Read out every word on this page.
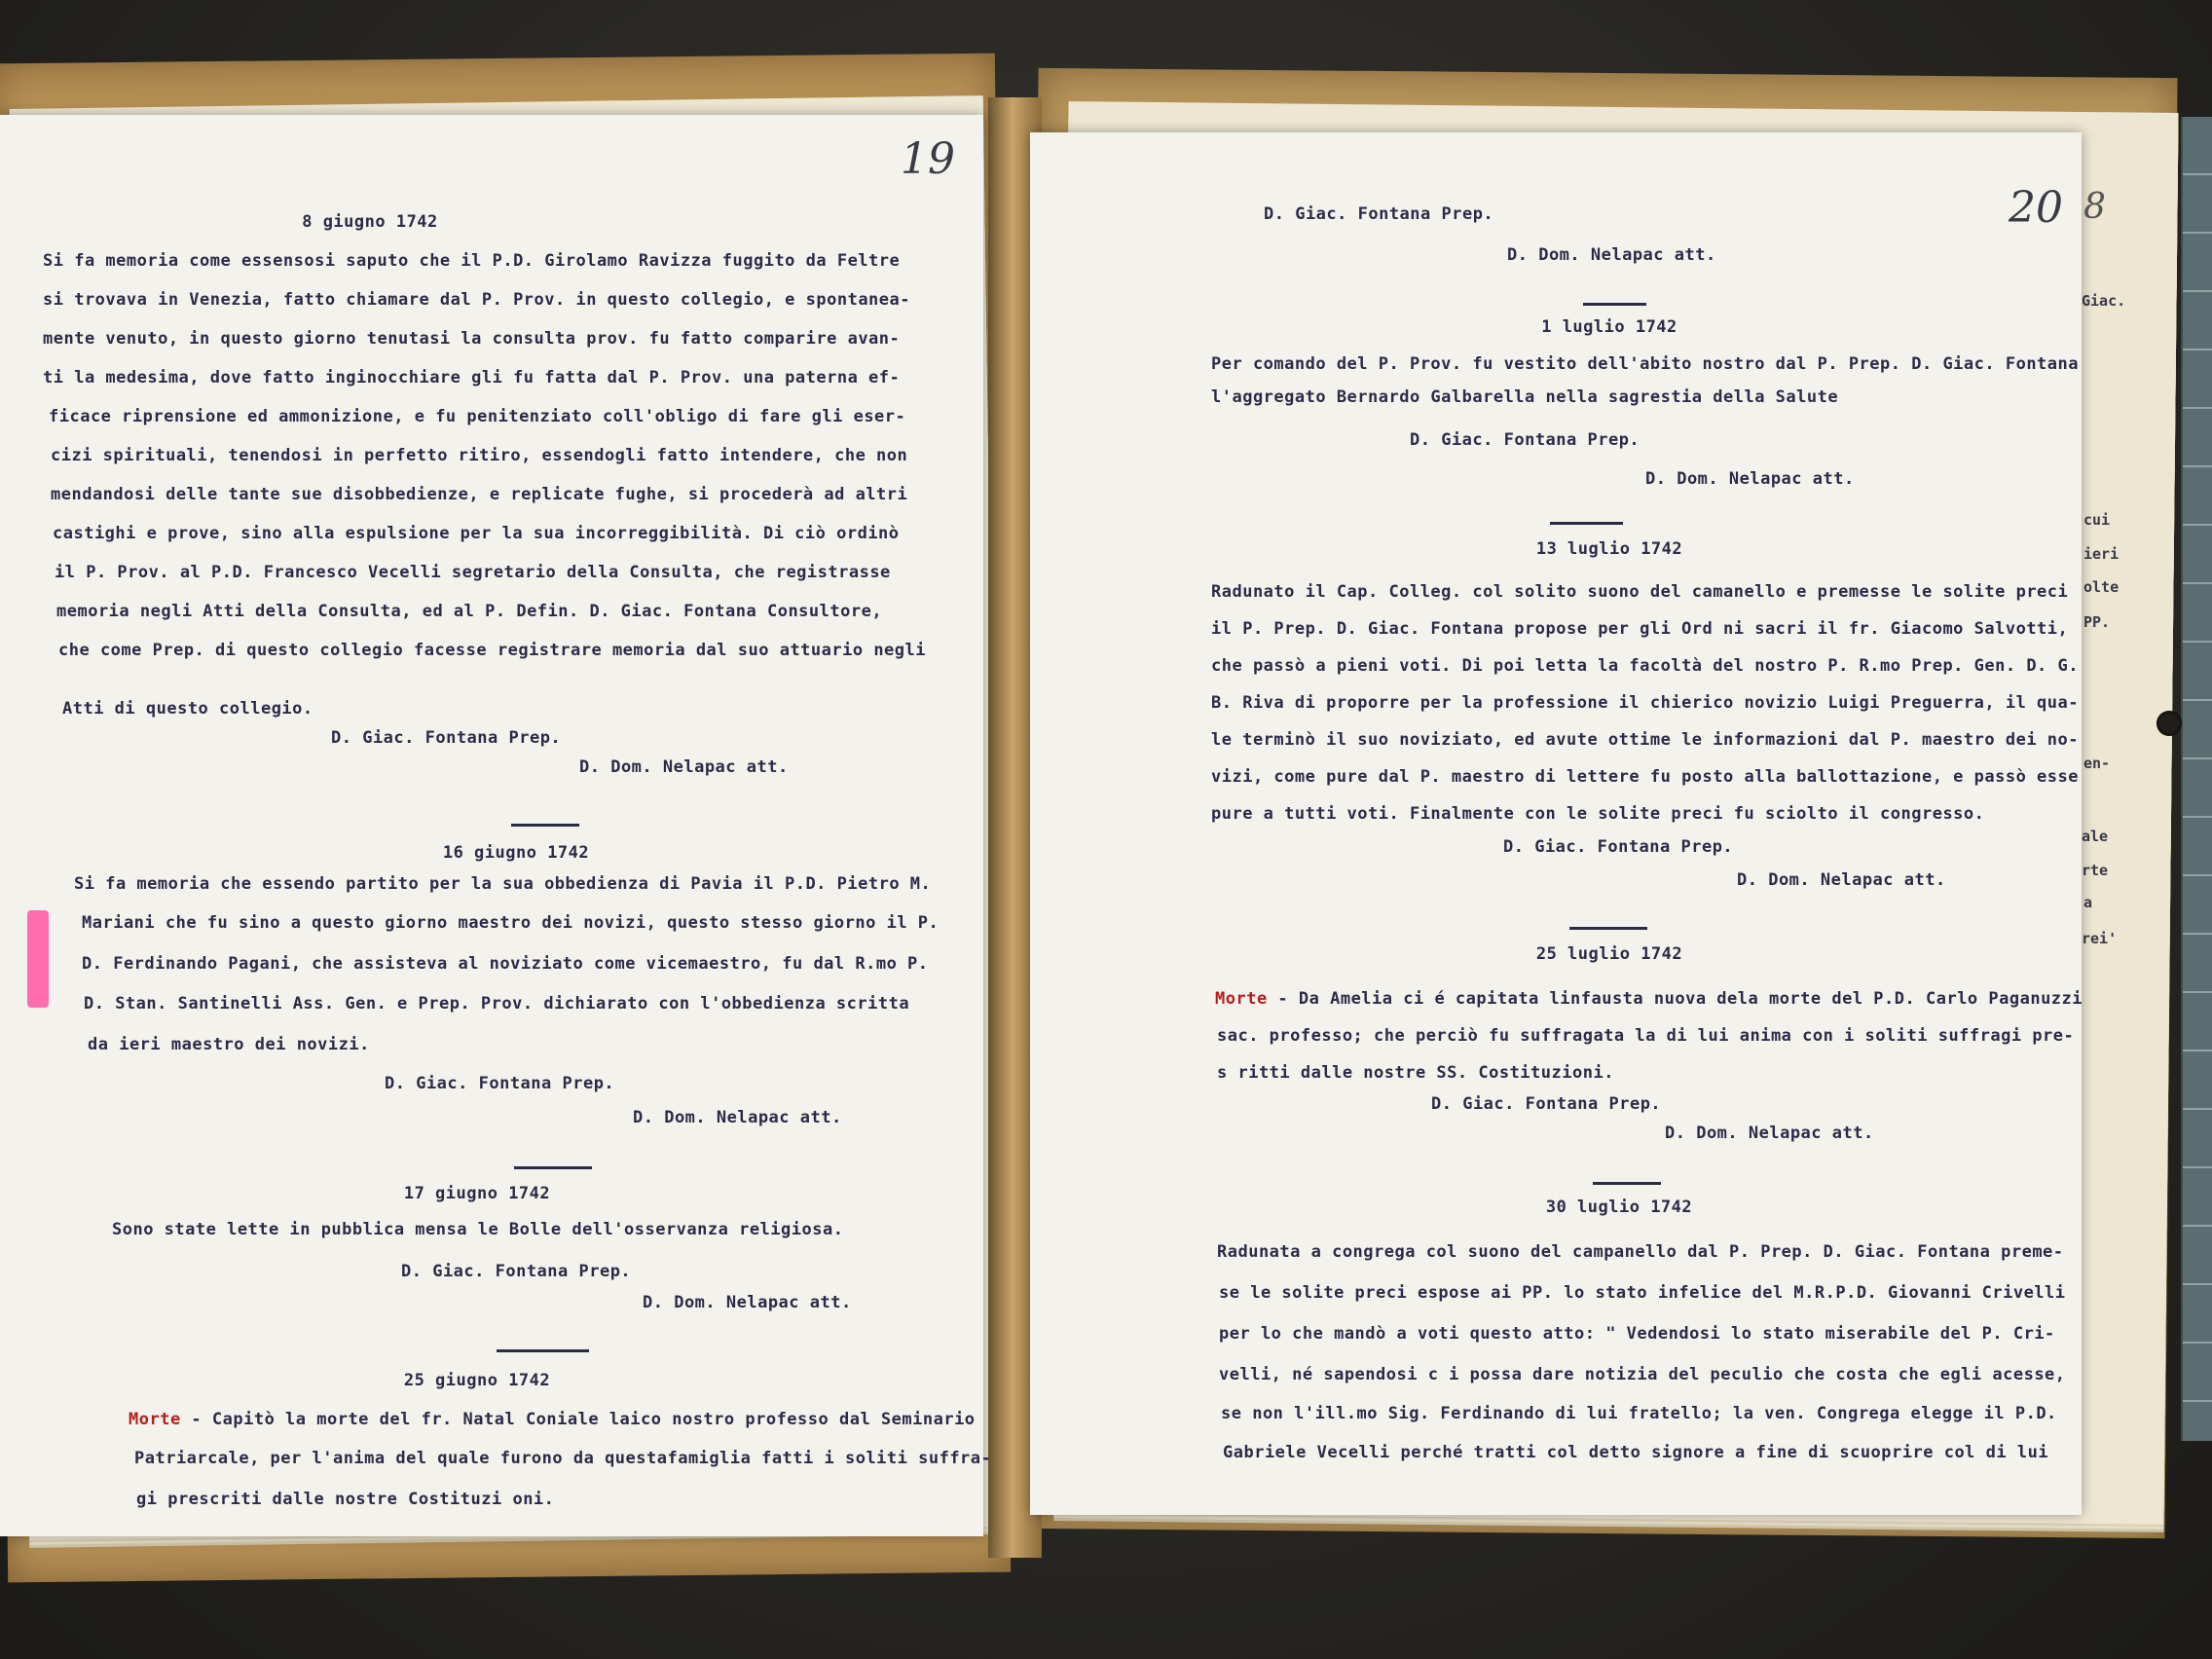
Giac.
cui
ieri
olte
PP.
en-
ale
rte
a
rei'
19
8 giugno 1742
Si fa memoria come essensosi saputo che il P.D. Girolamo Ravizza fuggito da Feltre
si trovava in Venezia, fatto chiamare dal P. Prov. in questo collegio, e spontanea-
mente venuto, in questo giorno tenutasi la consulta prov. fu fatto comparire avan-
ti la medesima, dove fatto inginocchiare gli fu fatta dal P. Prov. una paterna ef-
ficace riprensione ed ammonizione, e fu penitenziato coll'obligo di fare gli eser-
cizi spirituali, tenendosi in perfetto ritiro, essendogli fatto intendere, che non
mendandosi delle tante sue disobbedienze, e replicate fughe, si procederà ad altri
castighi e prove, sino alla espulsione per la sua incorreggibilità. Di ciò ordinò
il P. Prov. al P.D. Francesco Vecelli segretario della Consulta, che registrasse
memoria negli Atti della Consulta, ed al P. Defin. D. Giac. Fontana Consultore,
che come Prep. di questo collegio facesse registrare memoria dal suo attuario negli
Atti di questo collegio.
D. Giac. Fontana Prep.
D. Dom. Nelapac att.
16 giugno 1742
Si fa memoria che essendo partito per la sua obbedienza di Pavia il P.D. Pietro M.
Mariani che fu sino a questo giorno maestro dei novizi, questo stesso giorno il P.
D. Ferdinando Pagani, che assisteva al noviziato come vicemaestro, fu dal R.mo P.
D. Stan. Santinelli Ass. Gen. e Prep. Prov. dichiarato con l'obbedienza scritta
da ieri maestro dei novizi.
D. Giac. Fontana Prep.
D. Dom. Nelapac att.
17 giugno 1742
Sono state lette in pubblica mensa le Bolle dell'osservanza religiosa.
D. Giac. Fontana Prep.
D. Dom. Nelapac att.
25 giugno 1742
Morte - Capitò la morte del fr. Natal Coniale laico nostro professo dal Seminario
Patriarcale, per l'anima del quale furono da questafamiglia fatti i soliti suffra-
gi prescriti dalle nostre Costituzi oni.
20 8
D. Giac. Fontana Prep.
D. Dom. Nelapac att.
1 luglio 1742
Per comando del P. Prov. fu vestito dell'abito nostro dal P. Prep. D. Giac. Fontana
l'aggregato Bernardo Galbarella nella sagrestia della Salute
D. Giac. Fontana Prep.
D. Dom. Nelapac att.
13 luglio 1742
Radunato il Cap. Colleg. col solito suono del camanello e premesse le solite preci
il P. Prep. D. Giac. Fontana propose per gli Ord ni sacri il fr. Giacomo Salvotti,
che passò a pieni voti. Di poi letta la facoltà del nostro P. R.mo Prep. Gen. D. G.
B. Riva di proporre per la professione il chierico novizio Luigi Preguerra, il qua-
le terminò il suo noviziato, ed avute ottime le informazioni dal P. maestro dei no-
vizi, come pure dal P. maestro di lettere fu posto alla ballottazione, e passò esse
pure a tutti voti. Finalmente con le solite preci fu sciolto il congresso.
D. Giac. Fontana Prep.
D. Dom. Nelapac att.
25 luglio 1742
Morte - Da Amelia ci é capitata linfausta nuova dela morte del P.D. Carlo Paganuzzi
sac. professo; che perciò fu suffragata la di lui anima con i soliti suffragi pre-
s ritti dalle nostre SS. Costituzioni.
D. Giac. Fontana Prep.
D. Dom. Nelapac att.
30 luglio 1742
Radunata a congrega col suono del campanello dal P. Prep. D. Giac. Fontana preme-
se le solite preci espose ai PP. lo stato infelice del M.R.P.D. Giovanni Crivelli
per lo che mandò a voti questo atto: " Vedendosi lo stato miserabile del P. Cri-
velli, né sapendosi c i possa dare notizia del peculio che costa che egli acesse,
se non l'ill.mo Sig. Ferdinando di lui fratello; la ven. Congrega elegge il P.D.
Gabriele Vecelli perché tratti col detto signore a fine di scuoprire col di lui
